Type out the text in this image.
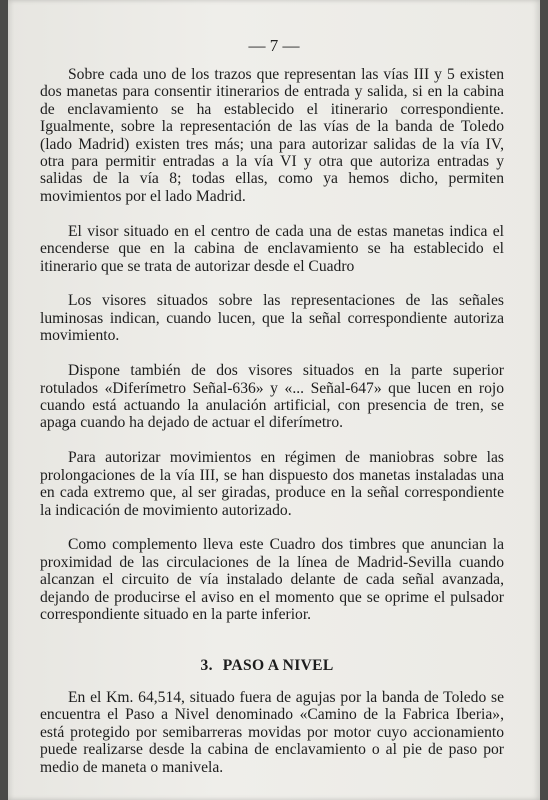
— 7 —

Sobre cada uno de los trazos que representan las vías III y 5 existen dos manetas para consentir itinerarios de entrada y salida, si en la cabina de enclavamiento se ha establecido el itinerario correspondiente. Igualmente, sobre la representación de las vías de la banda de Toledo (lado Madrid) existen tres más; una para autorizar salidas de la vía IV, otra para permitir entradas a la vía VI y otra que autoriza entradas y salidas de la vía 8; todas ellas, como ya hemos dicho, permiten movimientos por el lado Madrid.

El visor situado en el centro de cada una de estas manetas indica el encenderse que en la cabina de enclavamiento se ha establecido el itinerario que se trata de autorizar desde el Cuadro

Los visores situados sobre las representaciones de las señales luminosas indican, cuando lucen, que la señal correspondiente autoriza movimiento.

Dispone también de dos visores situados en la parte superior rotulados «Diferímetro Señal-636» y «... Señal-647» que lucen en rojo cuando está actuando la anulación artificial, con presencia de tren, se apaga cuando ha dejado de actuar el diferímetro.

Para autorizar movimientos en régimen de maniobras sobre las prolongaciones de la vía III, se han dispuesto dos manetas instaladas una en cada extremo que, al ser giradas, produce en la señal correspondiente la indicación de movimiento autorizado.

Como complemento lleva este Cuadro dos timbres que anuncian la proximidad de las circulaciones de la línea de Madrid-Sevilla cuando alcanzan el circuito de vía instalado delante de cada señal avanzada, dejando de producirse el aviso en el momento que se oprime el pulsador correspondiente situado en la parte inferior.

3. PASO A NIVEL

En el Km. 64,514, situado fuera de agujas por la banda de Toledo se encuentra el Paso a Nivel denominado «Camino de la Fabrica Iberia», está protegido por semibarreras movidas por motor cuyo accionamiento puede realizarse desde la cabina de enclavamiento o al pie de paso por medio de maneta o manivela.
